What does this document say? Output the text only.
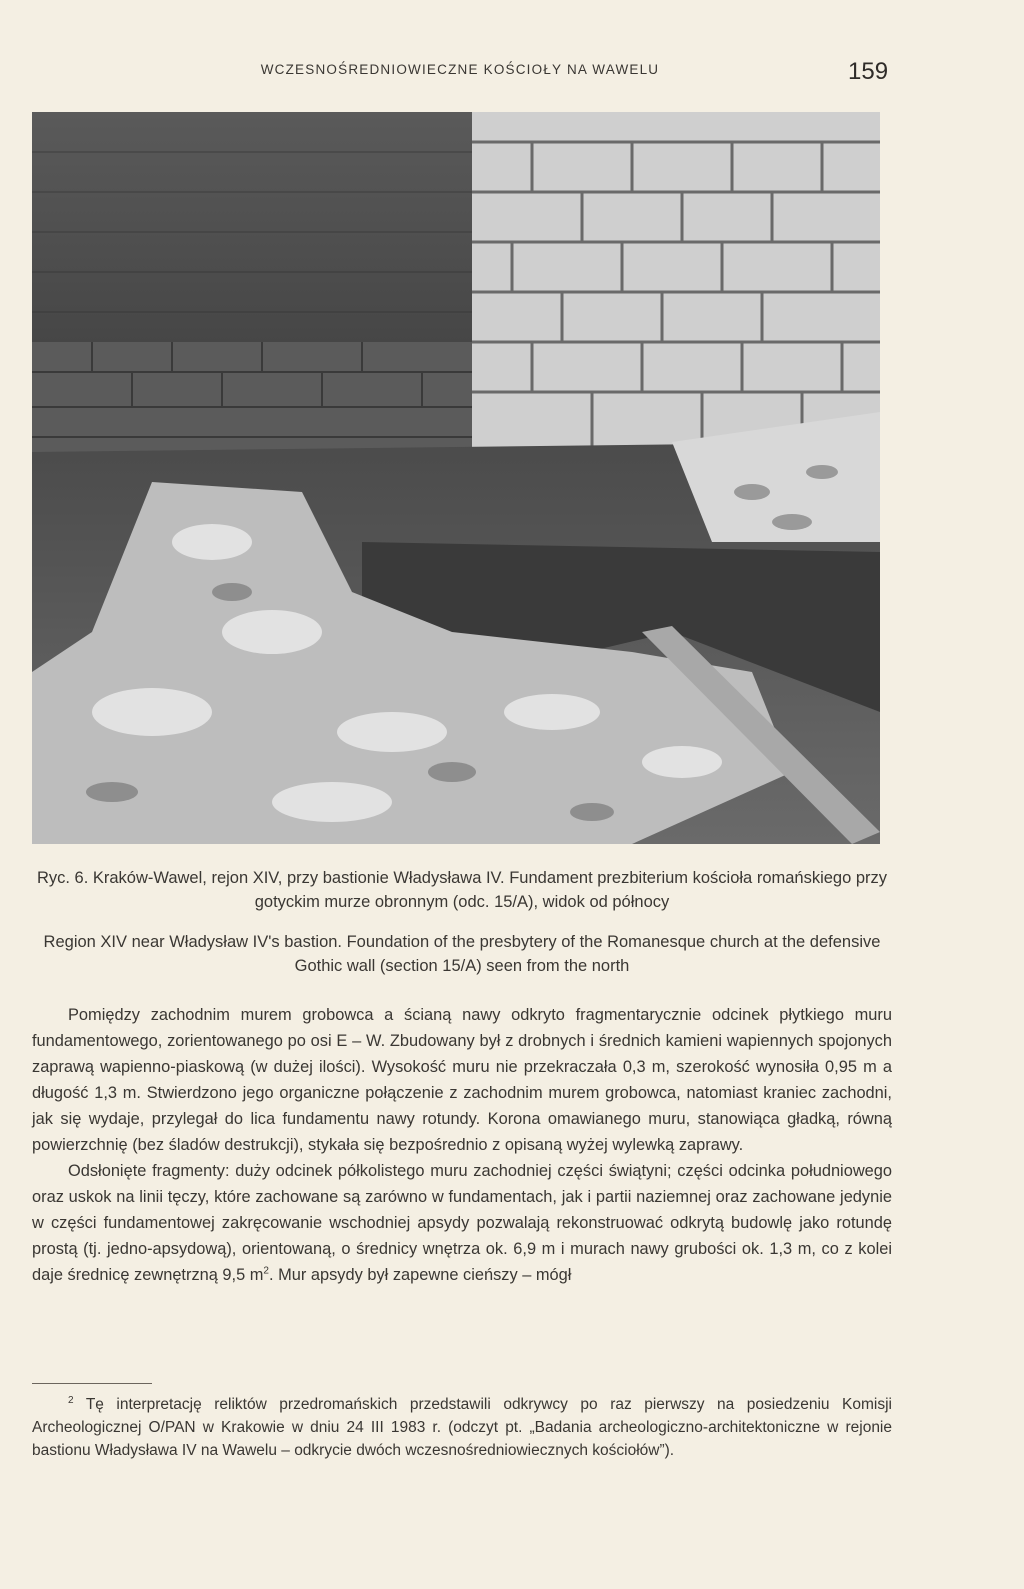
WCZESNOŚREDNIOWIECZNE KOŚCIOŁY NA WAWELU	159
Ryc. 6. Kraków-Wawel, rejon XIV, przy bastionie Władysława IV. Fundament prezbiterium kościoła romańskiego przy gotyckim murze obronnym (odc. 15/A), widok od północy
Region XIV near Władysław IV's bastion. Foundation of the presbytery of the Romanesque church at the defensive Gothic wall (section 15/A) seen from the north

Pomiędzy zachodnim murem grobowca a ścianą nawy odkryto fragmentarycznie odcinek płytkiego muru fundamentowego, zorientowanego po osi E – W. Zbudowany był z drobnych i średnich kamieni wapiennych spojonych zaprawą wapienno-piaskową (w dużej ilości). Wysokość muru nie przekraczała 0,3 m, szerokość wynosiła 0,95 m a długość 1,3 m. Stwierdzono jego organiczne połączenie z zachodnim murem grobowca, natomiast kraniec zachodni, jak się wydaje, przylegał do lica fundamentu nawy rotundy. Korona omawianego muru, stanowiąca gładką, równą powierzchnię (bez śladów destrukcji), stykała się bezpośrednio z opisaną wyżej wylewką zaprawy.

Odsłonięte fragmenty: duży odcinek półkolistego muru zachodniej części świątyni; części odcinka południowego oraz uskok na linii tęczy, które zachowane są zarówno w fundamentach, jak i partii naziemnej oraz zachowane jedynie w części fundamentowej zakręcowanie wschodniej apsydy pozwalają rekonstruować odkrytą budowlę jako rotundę prostą (tj. jedno-apsydową), orientowaną, o średnicy wnętrza ok. 6,9 m i murach nawy grubości ok. 1,3 m, co z kolei daje średnicę zewnętrzną 9,5 $m^2$. Mur apsydy był zapewne cieńszy – mógł

$^2$ Tę interpretację reliktów przedromańskich przedstawili odkrywcy po raz pierwszy na posiedzeniu Komisji Archeologicznej O/PAN w Krakowie w dniu 24 III 1983 r. (odczyt pt. „Badania archeologiczno-architektoniczne w rejonie bastionu Władysława IV na Wawelu – odkrycie dwóch wczesnośredniowiecznych kościołów”).
